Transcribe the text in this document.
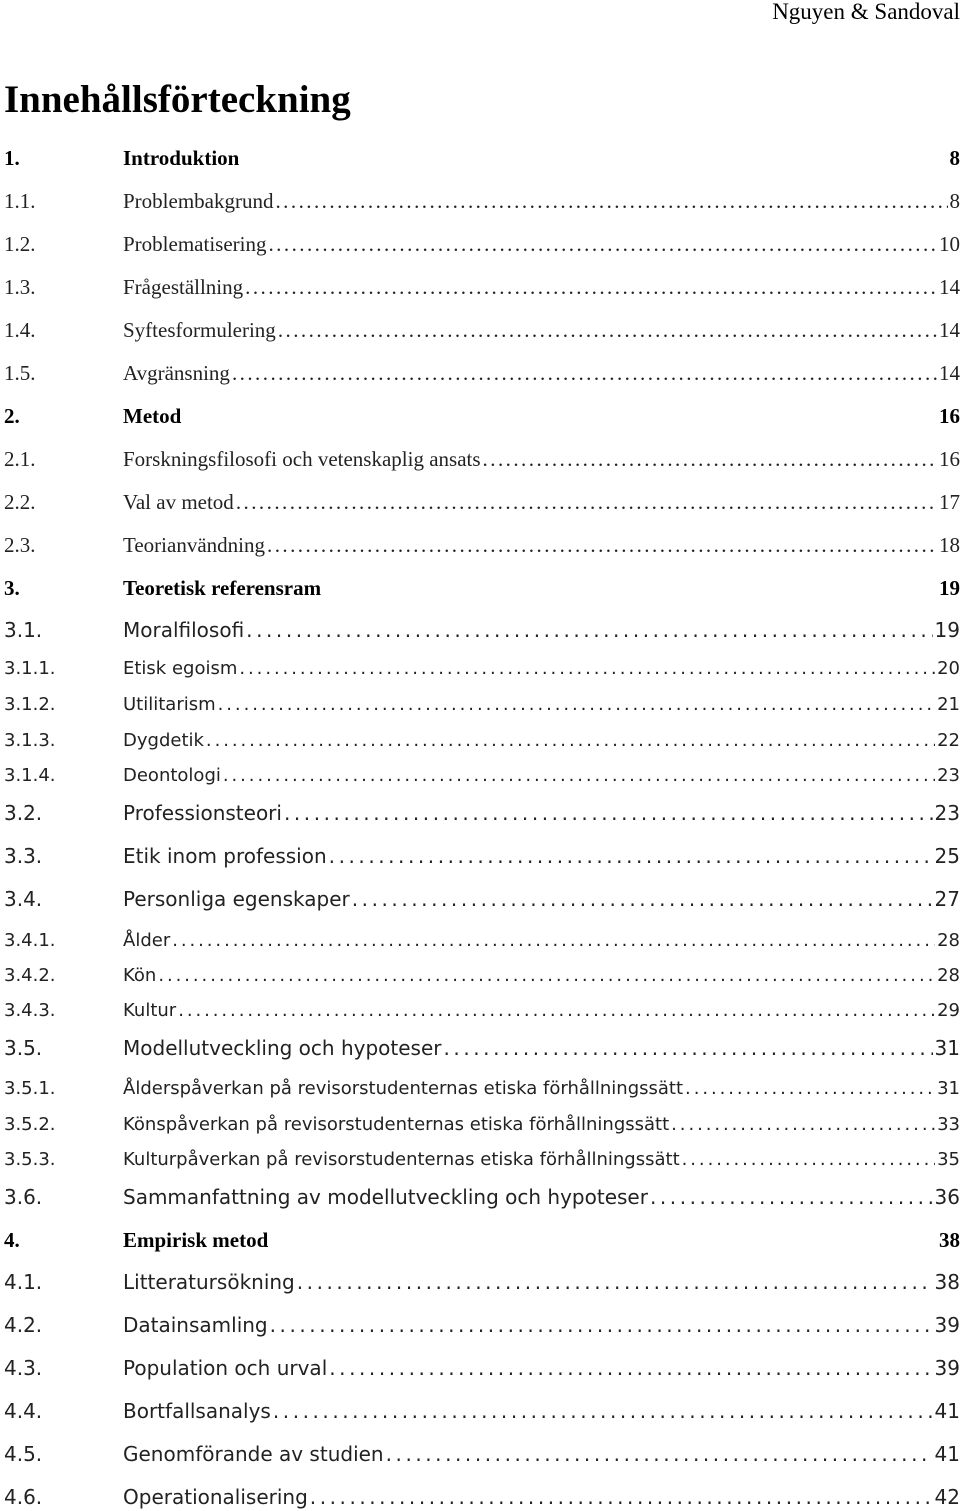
Nguyen & Sandoval
Innehållsförteckning
1.	Introduktion	8
1.1.	Problembakgrund . . .	8
1.2.	Problematisering . . .	10
1.3.	Frågeställning . . .	14
1.4.	Syftesformulering . . .	14
1.5.	Avgränsning . . .	14
2.	Metod	16
2.1.	Forskningsfilosofi och vetenskaplig ansats . . .	16
2.2.	Val av metod . . .	17
2.3.	Teorianvändning . . .	18
3.	Teoretisk referensram	19
3.1.	Moralfilosofi . . .	19
3.1.1.	Etisk egoism . . .	20
3.1.2.	Utilitarism . . .	21
3.1.3.	Dygdetik . . .	22
3.1.4.	Deontologi . . .	23
3.2.	Professionsteori . . .	23
3.3.	Etik inom profession . . .	25
3.4.	Personliga egenskaper . . .	27
3.4.1.	Ålder . . .	28
3.4.2.	Kön . . .	28
3.4.3.	Kultur . . .	29
3.5.	Modellutveckling och hypoteser . . .	31
3.5.1.	Ålderspåverkan på revisorstudenternas etiska förhållningssätt . . .	31
3.5.2.	Könspåverkan på revisorstudenternas etiska förhållningssätt . . .	33
3.5.3.	Kulturpåverkan på revisorstudenternas etiska förhållningssätt . . .	35
3.6.	Sammanfattning av modellutveckling och hypoteser . . .	36
4.	Empirisk metod	38
4.1.	Litteratursökning . . .	38
4.2.	Datainsamling . . .	39
4.3.	Population och urval . . .	39
4.4.	Bortfallsanalys . . .	41
4.5.	Genomförande av studien . . .	41
4.6.	Operationalisering . . .	42
